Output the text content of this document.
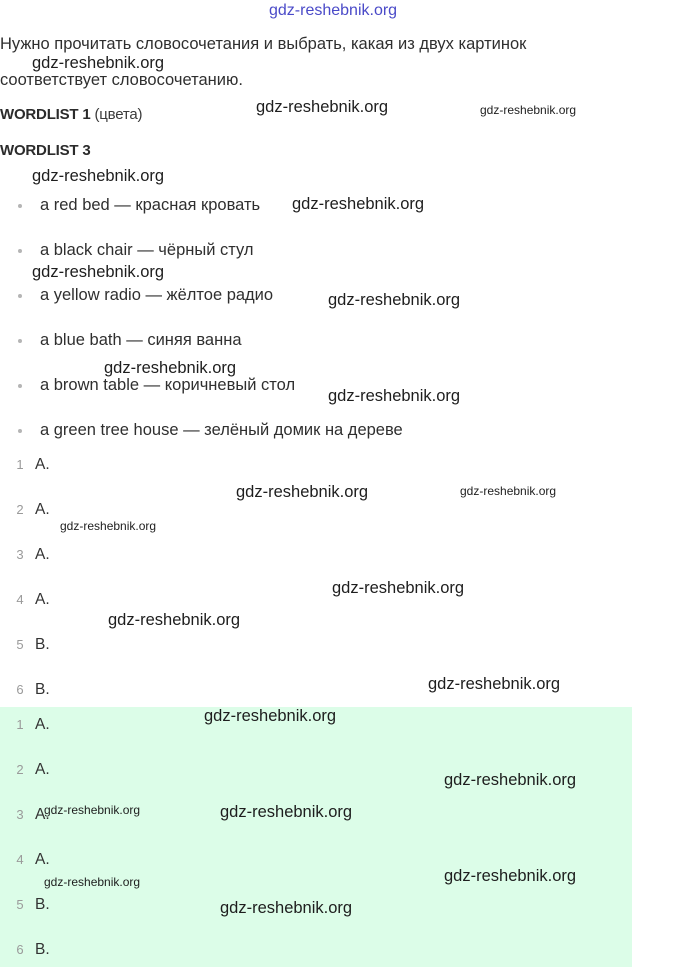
gdz-reshebnik.org
Нужно прочитать словосочетания и выбрать, какая из двух картинок
соответствует словосочетанию.
WORDLIST 1 (цвета)
WORDLIST 3
a red bed — красная кровать
a black chair — чёрный стул
a yellow radio — жёлтое радио
a blue bath — синяя ванна
a brown table — коричневый стол
a green tree house — зелёный домик на дереве
1 A.
2 A.
3 A.
4 A.
5 B.
6 B.
1 A.
2 A.
3 A.
4 A.
5 B.
6 B.
gdz-reshebnik.org
gdz-reshebnik.org	gdz-reshebnik.org
gdz-reshebnik.org
gdz-reshebnik.org
gdz-reshebnik.org
gdz-reshebnik.org
gdz-reshebnik.org
gdz-reshebnik.org
gdz-reshebnik.org	gdz-reshebnik.org
gdz-reshebnik.org
gdz-reshebnik.org
gdz-reshebnik.org
gdz-reshebnik.org
gdz-reshebnik.org
gdz-reshebnik.org
gdz-reshebnik.org	gdz-reshebnik.org
gdz-reshebnik.org
gdz-reshebnik.org
gdz-reshebnik.org
